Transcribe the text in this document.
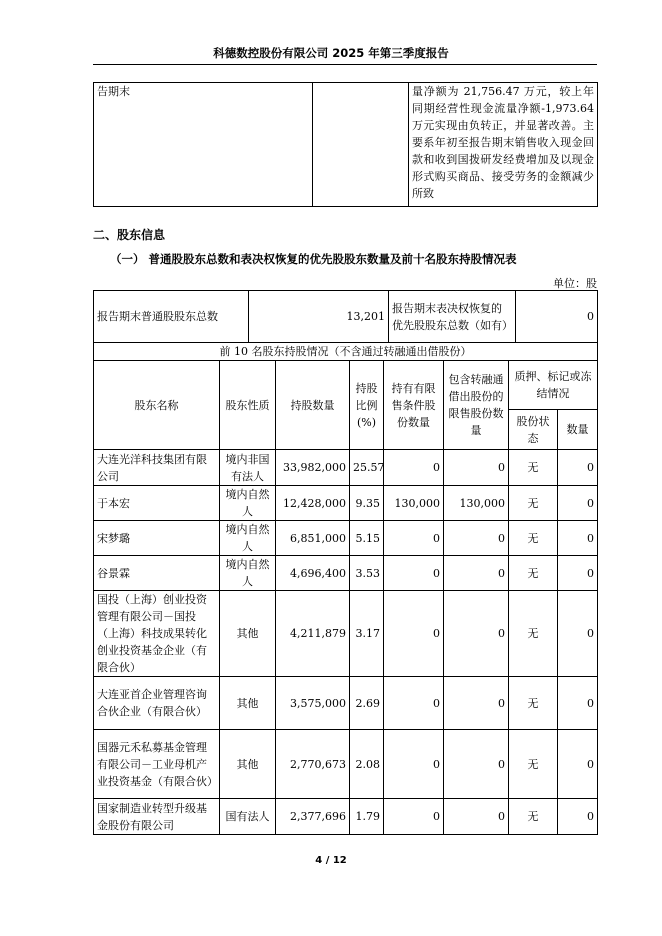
科德数控股份有限公司 2025 年第三季度报告
告期末		量净额为 21,756.47 万元，较上年同期经营性现金流量净额-1,973.64 万元实现由负转正，并显著改善。主要系年初至报告期末销售收入现金回款和收到国拨研发经费增加及以现金形式购买商品、接受劳务的金额减少所致
二、股东信息
（一） 普通股股东总数和表决权恢复的优先股股东数量及前十名股东持股情况表
单位：股
报告期末普通股股东总数	13,201	报告期末表决权恢复的优先股股东总数（如有）	0
前 10 名股东持股情况（不含通过转融通出借股份）							
股东名称	股东性质	持股数量	持股比例(%)	持有有限售条件股份数量	包含转融通借出股份的限售股份数量	质押、标记或冻结情况	
						股份状态	数量
大连光洋科技集团有限公司	境内非国有法人	33,982,000	25.57	0	0	无	0
于本宏	境内自然人	12,428,000	9.35	130,000	130,000	无	0
宋梦璐	境内自然人	6,851,000	5.15	0	0	无	0
谷景霖	境内自然人	4,696,400	3.53	0	0	无	0
国投（上海）创业投资管理有限公司－国投（上海）科技成果转化创业投资基金企业（有限合伙）	其他	4,211,879	3.17	0	0	无	0
大连亚首企业管理咨询合伙企业（有限合伙）	其他	3,575,000	2.69	0	0	无	0
国器元禾私募基金管理有限公司－工业母机产业投资基金（有限合伙）	其他	2,770,673	2.08	0	0	无	0
国家制造业转型升级基金股份有限公司	国有法人	2,377,696	1.79	0	0	无	0
4 / 12
